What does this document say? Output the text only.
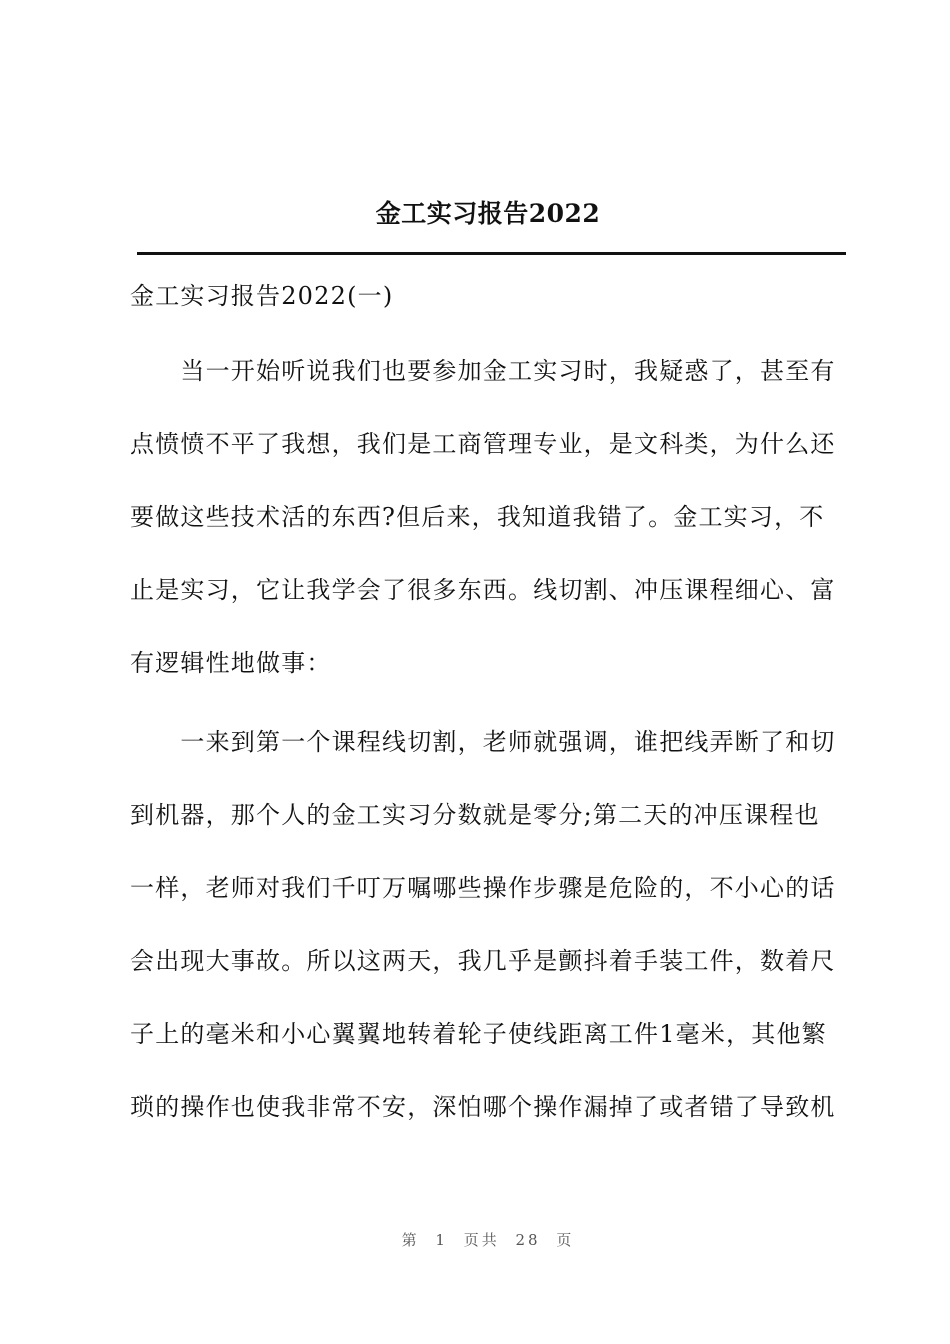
金工实习报告2022
金工实习报告2022(一)
　　当一开始听说我们也要参加金工实习时，我疑惑了，甚至有
点愤愤不平了我想，我们是工商管理专业，是文科类，为什么还
要做这些技术活的东西?但后来，我知道我错了。金工实习，不
止是实习，它让我学会了很多东西。线切割、冲压课程细心、富
有逻辑性地做事：
　　一来到第一个课程线切割，老师就强调，谁把线弄断了和切
到机器，那个人的金工实习分数就是零分;第二天的冲压课程也
一样，老师对我们千叮万嘱哪些操作步骤是危险的，不小心的话
会出现大事故。所以这两天，我几乎是颤抖着手装工件，数着尺
子上的毫米和小心翼翼地转着轮子使线距离工件1毫米，其他繁
琐的操作也使我非常不安，深怕哪个操作漏掉了或者错了导致机
第 1 页共 28 页
